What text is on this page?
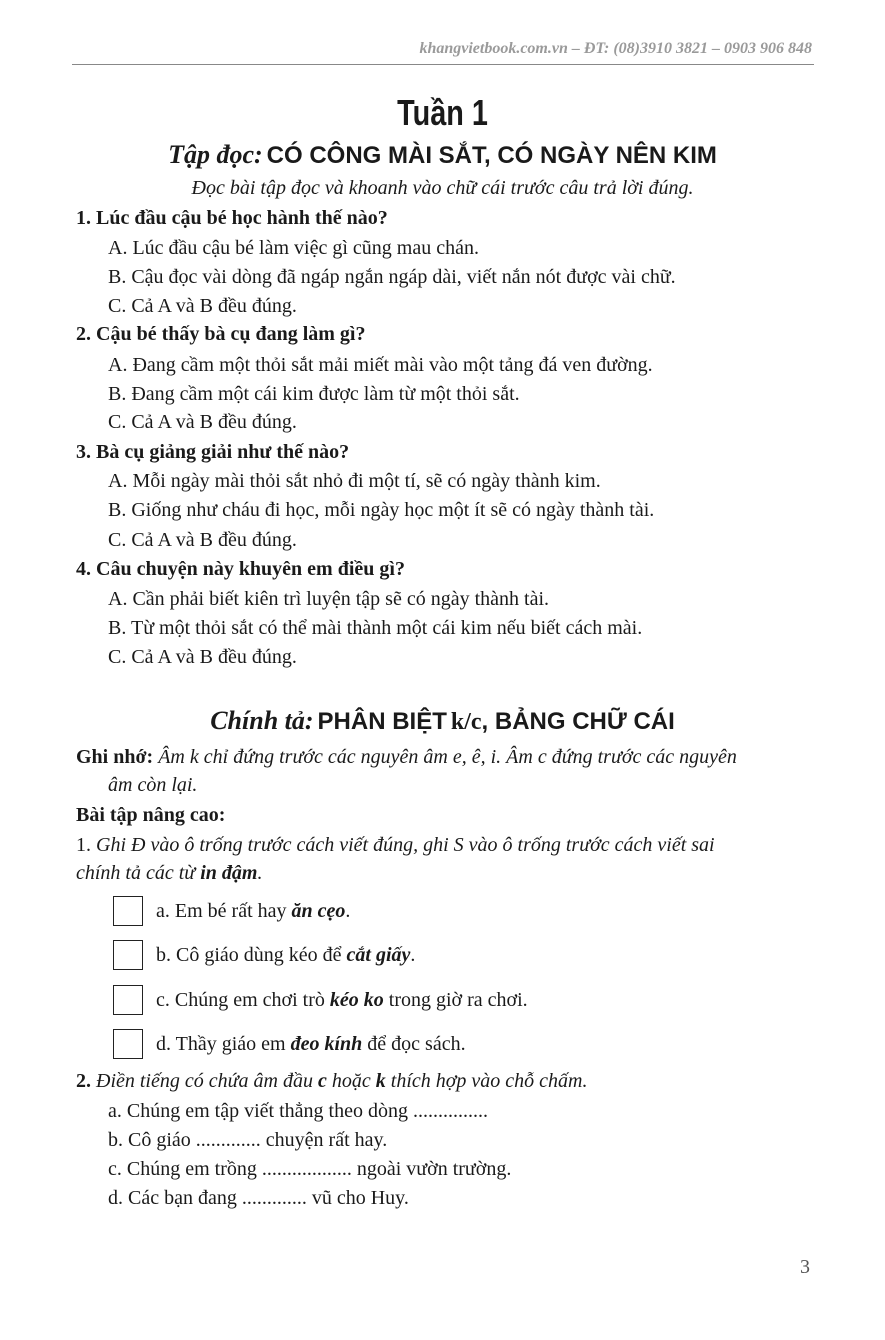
khangvietbook.com.vn – ĐT: (08)3910 3821 – 0903 906 848
Tuần 1
Tập đọc: CÓ CÔNG MÀI SẮT, CÓ NGÀY NÊN KIM
Đọc bài tập đọc và khoanh vào chữ cái trước câu trả lời đúng.
1. Lúc đầu cậu bé học hành thế nào?
A. Lúc đầu cậu bé làm việc gì cũng mau chán.
B. Cậu đọc vài dòng đã ngáp ngắn ngáp dài, viết nắn nót được vài chữ.
C. Cả A và B đều đúng.
2. Cậu bé thấy bà cụ đang làm gì?
A. Đang cầm một thỏi sắt mải miết mài vào một tảng đá ven đường.
B. Đang cầm một cái kim được làm từ một thỏi sắt.
C. Cả A và B đều đúng.
3. Bà cụ giảng giải như thế nào?
A. Mỗi ngày mài thỏi sắt nhỏ đi một tí, sẽ có ngày thành kim.
B. Giống như cháu đi học, mỗi ngày học một ít sẽ có ngày thành tài.
C. Cả A và B đều đúng.
4. Câu chuyện này khuyên em điều gì?
A. Cần phải biết kiên trì luyện tập sẽ có ngày thành tài.
B. Từ một thỏi sắt có thể mài thành một cái kim nếu biết cách mài.
C. Cả A và B đều đúng.
Chính tả: PHÂN BIỆT k/c, BẢNG CHỮ CÁI
Ghi nhớ: Âm k chỉ đứng trước các nguyên âm e, ê, i. Âm c đứng trước các nguyên
âm còn lại.
Bài tập nâng cao:
1. Ghi Đ vào ô trống trước cách viết đúng, ghi S vào ô trống trước cách viết sai
chính tả các từ in đậm.
a. Em bé rất hay ăn cẹo.
b. Cô giáo dùng kéo để cắt giấy.
c. Chúng em chơi trò kéo ko trong giờ ra chơi.
d. Thầy giáo em đeo kính để đọc sách.
2. Điền tiếng có chứa âm đầu c hoặc k thích hợp vào chỗ chấm.
a. Chúng em tập viết thẳng theo dòng ...............
b. Cô giáo ............. chuyện rất hay.
c. Chúng em trồng .................. ngoài vườn trường.
d. Các bạn đang ............. vũ cho Huy.
3
